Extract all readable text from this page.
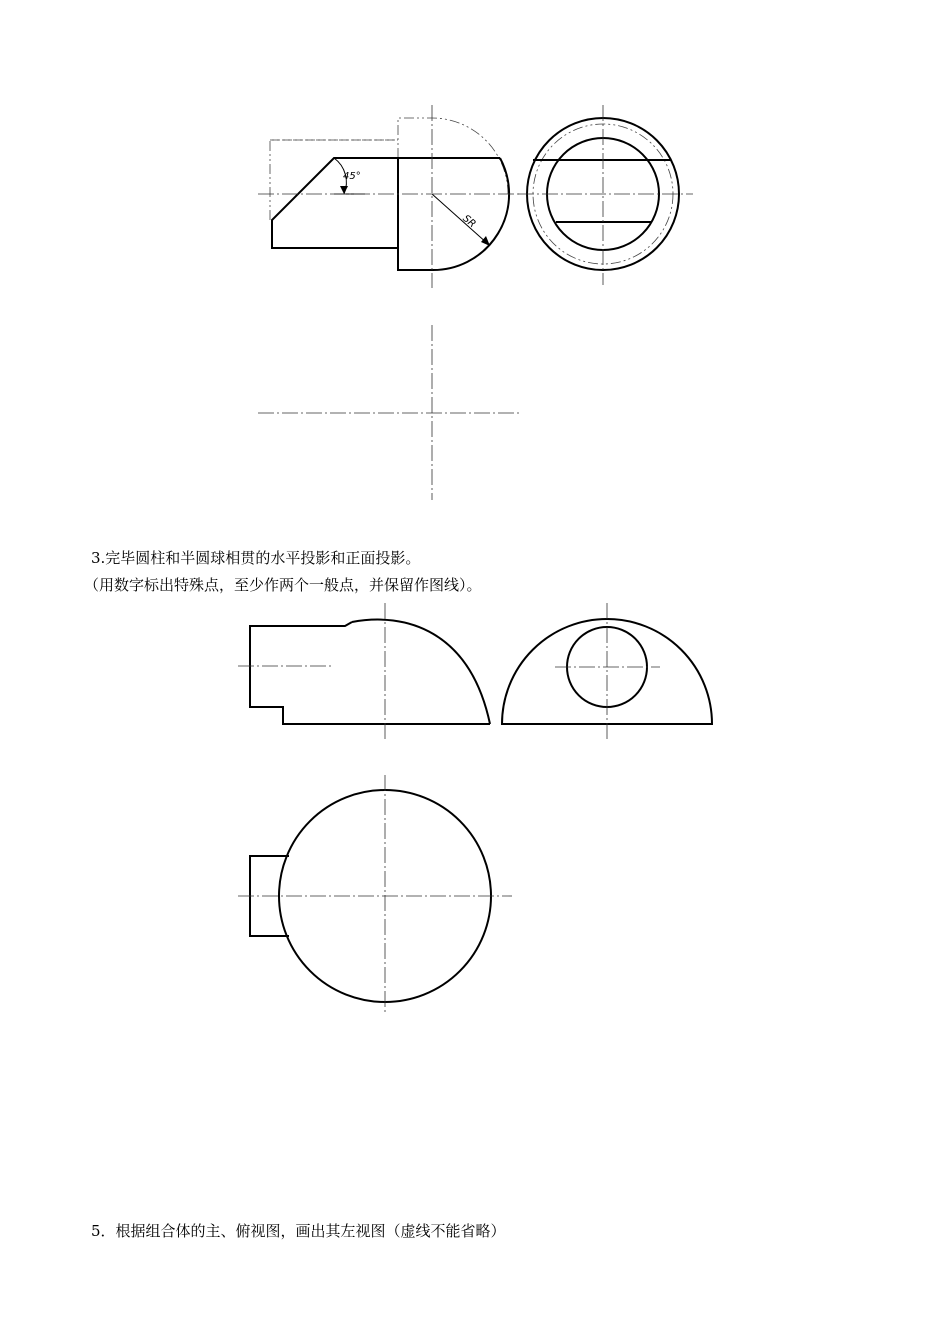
45°
SR
3.完毕圆柱和半圆球相贯的水平投影和正面投影。
（用数字标出特殊点，至少作两个一般点，并保留作图线）。
5．根据组合体的主、俯视图，画出其左视图（虚线不能省略）
